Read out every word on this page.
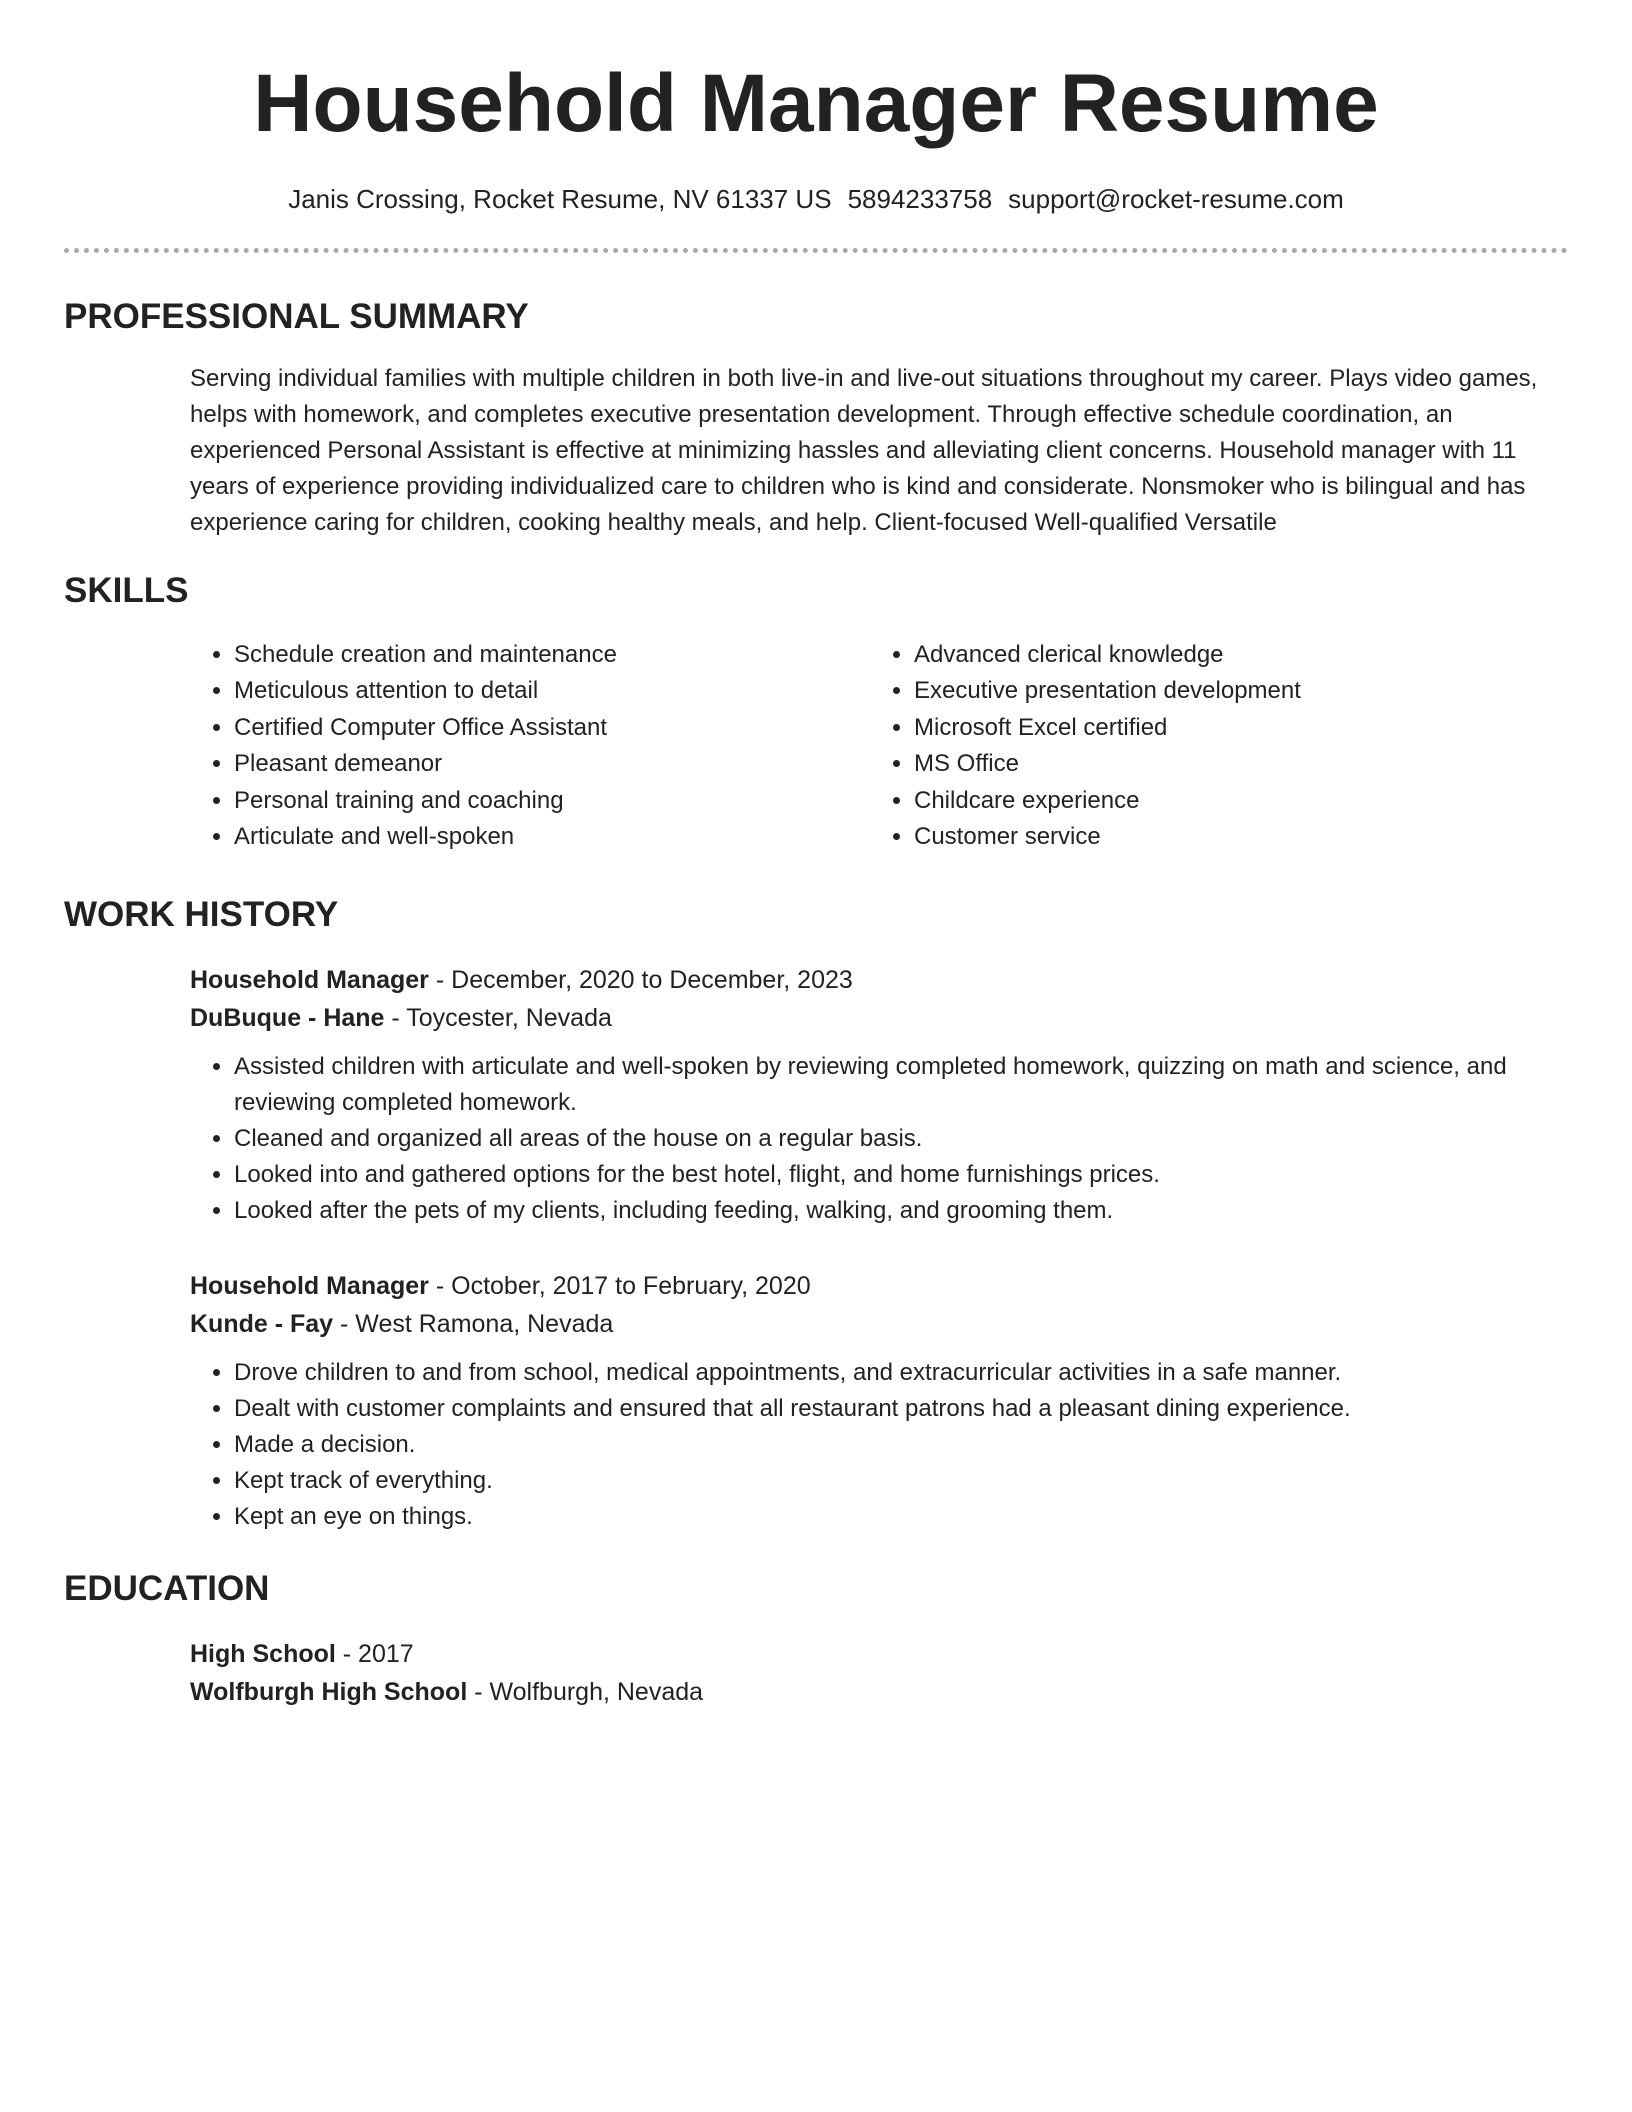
Household Manager Resume
Janis Crossing, Rocket Resume, NV 61337 US 5894233758 support@rocket-resume.com
PROFESSIONAL SUMMARY

Serving individual families with multiple children in both live-in and live-out situations throughout my career. Plays video games, helps with homework, and completes executive presentation development. Through effective schedule coordination, an experienced Personal Assistant is effective at minimizing hassles and alleviating client concerns. Household manager with 11 years of experience providing individualized care to children who is kind and considerate. Nonsmoker who is bilingual and has experience caring for children, cooking healthy meals, and help. Client-focused Well-qualified Versatile

SKILLS
• Schedule creation and maintenance
• Meticulous attention to detail
• Certified Computer Office Assistant
• Pleasant demeanor
• Personal training and coaching
• Articulate and well-spoken
• Advanced clerical knowledge
• Executive presentation development
• Microsoft Excel certified
• MS Office
• Childcare experience
• Customer service
WORK HISTORY
Household Manager - December, 2020 to December, 2023
DuBuque - Hane - Toycester, Nevada
• Assisted children with articulate and well-spoken by reviewing completed homework, quizzing on math and science, and reviewing completed homework.
• Cleaned and organized all areas of the house on a regular basis.
• Looked into and gathered options for the best hotel, flight, and home furnishings prices.
• Looked after the pets of my clients, including feeding, walking, and grooming them.
Household Manager - October, 2017 to February, 2020
Kunde - Fay - West Ramona, Nevada
• Drove children to and from school, medical appointments, and extracurricular activities in a safe manner.
• Dealt with customer complaints and ensured that all restaurant patrons had a pleasant dining experience.
• Made a decision.
• Kept track of everything.
• Kept an eye on things.
EDUCATION
High School - 2017
Wolfburgh High School - Wolfburgh, Nevada
